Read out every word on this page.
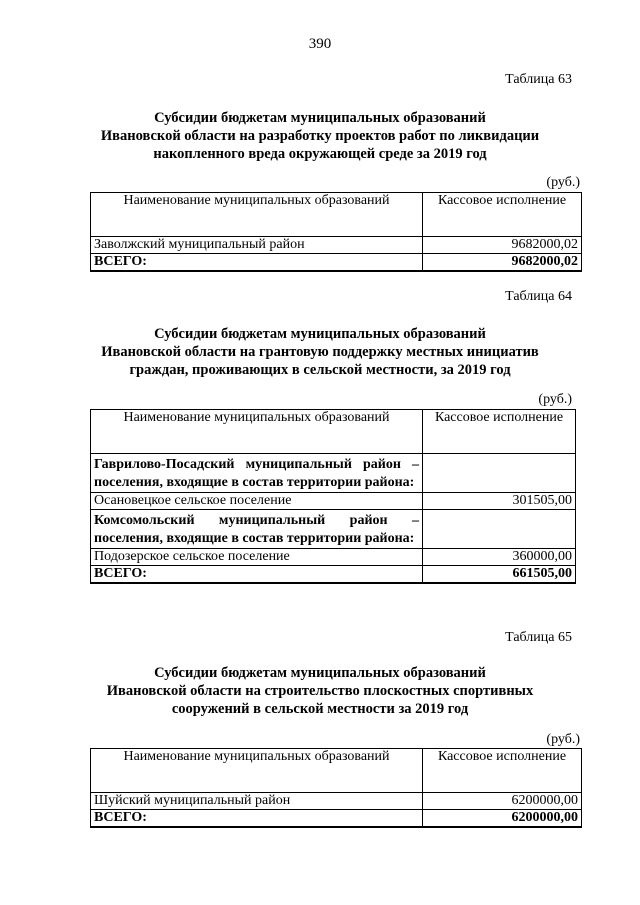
390
Таблица 63
Субсидии бюджетам муниципальных образований
Ивановской области на разработку проектов работ по ликвидации
накопленного вреда окружающей среде за 2019 год
(руб.)
Наименование муниципальных образований	Кассовое исполнение
Заволжский муниципальный район	9682000,02
ВСЕГО:	9682000,02
Таблица 64
Субсидии бюджетам муниципальных образований
Ивановской области на грантовую поддержку местных инициатив
граждан, проживающих в сельской местности, за 2019 год
(руб.)
Наименование муниципальных образований	Кассовое исполнение
Гаврилово-Посадский муниципальный район – поселения, входящие в состав территории района:	
Осановецкое сельское поселение	301505,00
Комсомольский муниципальный район – поселения, входящие в состав территории района:	
Подозерское сельское поселение	360000,00
ВСЕГО:	661505,00
Таблица 65
Субсидии бюджетам муниципальных образований
Ивановской области на строительство плоскостных спортивных
сооружений в сельской местности за 2019 год
(руб.)
Наименование муниципальных образований	Кассовое исполнение
Шуйский муниципальный район	6200000,00
ВСЕГО:	6200000,00
